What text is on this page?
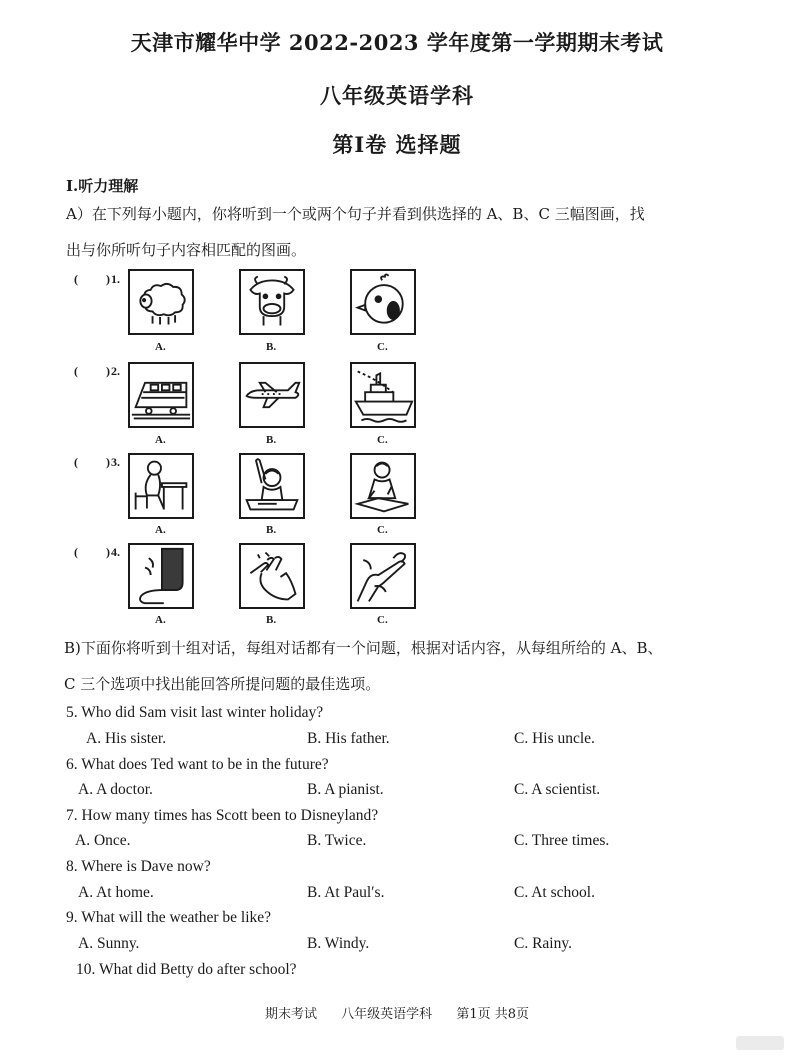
天津市耀华中学 2022-2023 学年度第一学期期末考试
八年级英语学科
第Ⅰ卷 选择题
I.听力理解
A）在下列每小题内，你将听到一个或两个句子并看到供选择的 A、B、C 三幅图画，找
出与你所听句子内容相匹配的图画。
( ) 1.
A.	B.	C.
( ) 2.
A.	B.	C.
( ) 3.
A.	B.	C.
( ) 4.
A.	B.	C.
B)下面你将听到十组对话，每组对话都有一个问题，根据对话内容，从每组所给的 A、B、
C 三个选项中找出能回答所提问题的最佳选项。
5. Who did Sam visit last winter holiday?
A. His sister.	B. His father.	C. His uncle.
6. What does Ted want to be in the future?
A. A doctor.	B. A pianist.	C. A scientist.
7. How many times has Scott been to Disneyland?
A. Once.	B. Twice.	C. Three times.
8. Where is Dave now?
A. At home.	B. At Paul′s.	C. At school.
9. What will the weather be like?
A. Sunny.	B. Windy.	C. Rainy.
10. What did Betty do after school?
期末考试 八年级英语学科 第1页 共8页
